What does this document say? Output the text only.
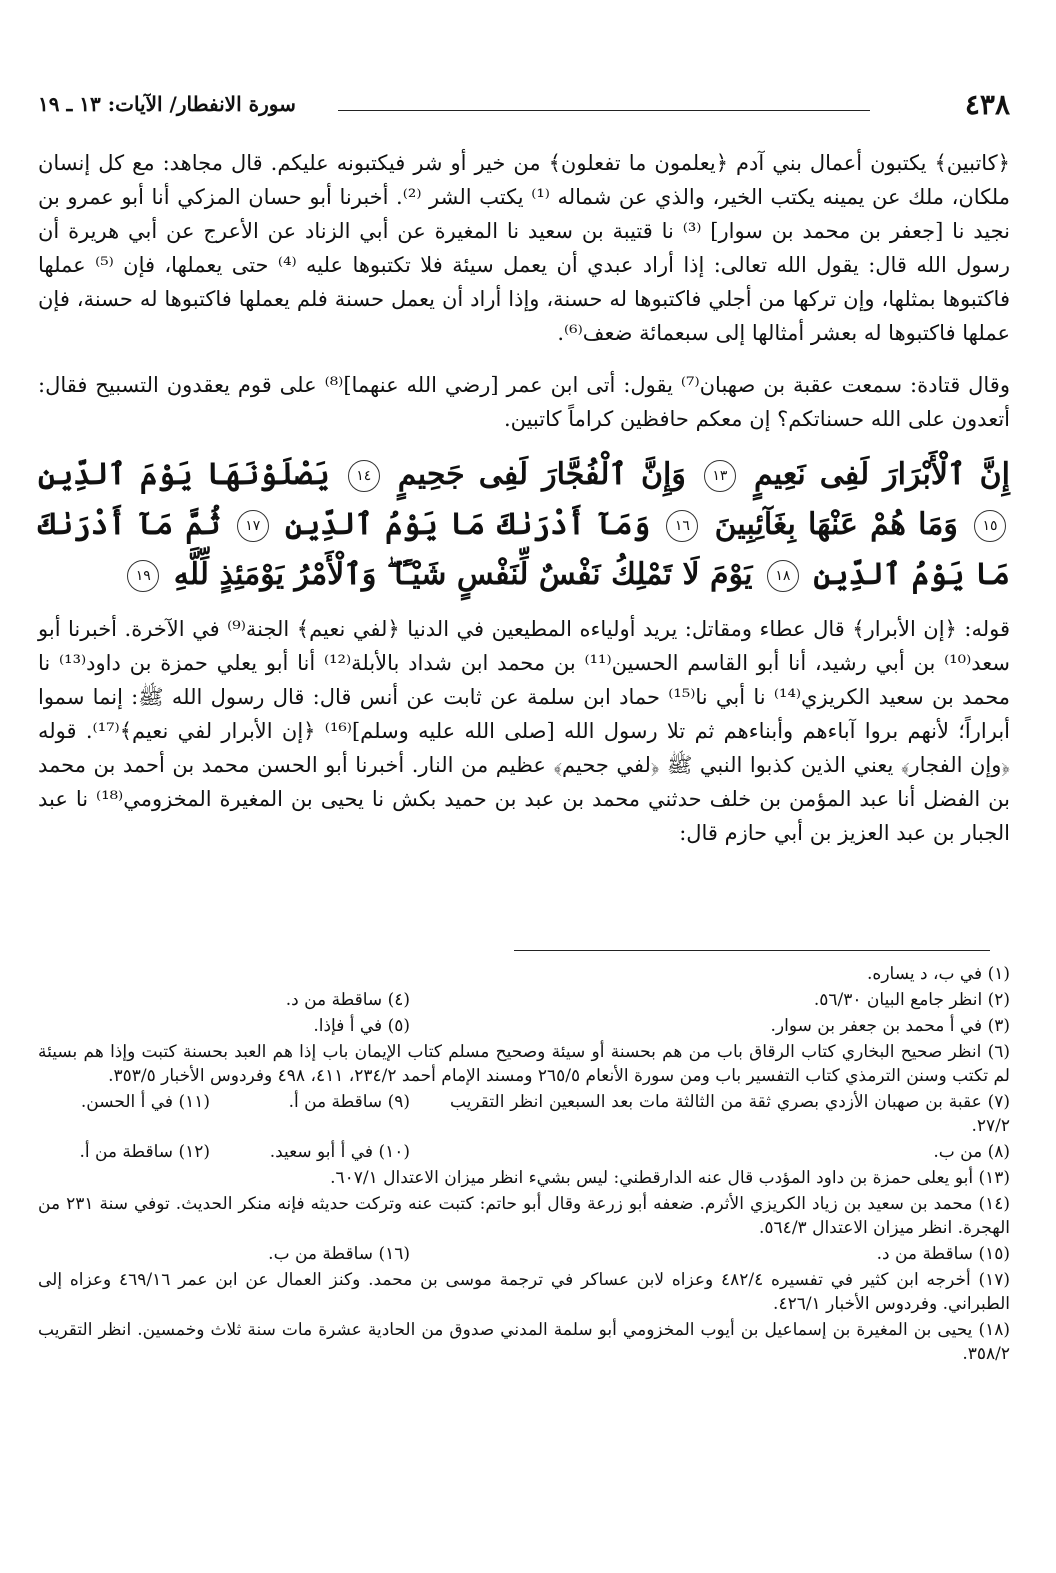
٤٣٨
سورة الانفطار/ الآيات: ١٣ ـ ١٩

﴿كاتبين﴾ يكتبون أعمال بني آدم ﴿يعلمون ما تفعلون﴾ من خير أو شر فيكتبونه عليكم. قال مجاهد: مع كل إنسان ملكان، ملك عن يمينه يكتب الخير، والذي عن شماله ⁽¹⁾ يكتب الشر ⁽²⁾. أخبرنا أبو حسان المزكي أنا أبو عمرو بن نجيد نا [جعفر بن محمد بن سوار] ⁽³⁾ نا قتيبة بن سعيد نا المغيرة عن أبي الزناد عن الأعرج عن أبي هريرة أن رسول الله قال: يقول الله تعالى: إذا أراد عبدي أن يعمل سيئة فلا تكتبوها عليه ⁽⁴⁾ حتى يعملها، فإن ⁽⁵⁾ عملها فاكتبوها بمثلها، وإن تركها من أجلي فاكتبوها له حسنة، وإذا أراد أن يعمل حسنة فلم يعملها فاكتبوها له حسنة، فإن عملها فاكتبوها له بعشر أمثالها إلى سبعمائة ضعف⁽⁶⁾.

وقال قتادة: سمعت عقبة بن صهبان⁽⁷⁾ يقول: أتى ابن عمر [رضي الله عنهما]⁽⁸⁾ على قوم يعقدون التسبيح فقال: أتعدون على الله حسناتكم؟ إن معكم حافظين كراماً كاتبين.

إِنَّ ٱلْأَبْرَارَ لَفِى نَعِيمٍ ١٣ وَإِنَّ ٱلْفُجَّارَ لَفِى جَحِيمٍ ١٤ يَصْلَوْنَهَا يَوْمَ ٱلدِّينِ ١٥ وَمَا هُمْ عَنْهَا بِغَآئِبِينَ ١٦ وَمَآ أَدْرَىٰكَ مَا يَوْمُ ٱلدِّينِ ١٧ ثُمَّ مَآ أَدْرَىٰكَ مَا يَوْمُ ٱلدِّينِ ١٨ يَوْمَ لَا تَمْلِكُ نَفْسٌ لِّنَفْسٍ شَيْـًٔا ۖ وَٱلْأَمْرُ يَوْمَئِذٍ لِّلَّهِ ١٩

قوله: ﴿إن الأبرار﴾ قال عطاء ومقاتل: يريد أولياءه المطيعين في الدنيا ﴿لفي نعيم﴾ الجنة⁽⁹⁾ في الآخرة. أخبرنا أبو سعد⁽¹⁰⁾ بن أبي رشيد، أنا أبو القاسم الحسين⁽¹¹⁾ بن محمد ابن شداد بالأبلة⁽¹²⁾ أنا أبو يعلي حمزة بن داود⁽¹³⁾ نا محمد بن سعيد الكريزي⁽¹⁴⁾ نا أبي نا⁽¹⁵⁾ حماد ابن سلمة عن ثابت عن أنس قال: قال رسول الله ﷺ: إنما سموا أبراراً؛ لأنهم بروا آباءهم وأبناءهم ثم تلا رسول الله [صلى الله عليه وسلم]⁽¹⁶⁾ ﴿إن الأبرار لفي نعيم﴾⁽¹⁷⁾. قوله ﴿وإن الفجار﴾ يعني الذين كذبوا النبي ﷺ ﴿لفي جحيم﴾ عظيم من النار. أخبرنا أبو الحسن محمد بن أحمد بن محمد بن الفضل أنا عبد المؤمن بن خلف حدثني محمد بن عبد بن حميد بكش نا يحيى بن المغيرة المخزومي⁽¹⁸⁾ نا عبد الجبار بن عبد العزيز بن أبي حازم قال:

(١) في ب، د يساره.

(٢) انظر جامع البيان ٥٦/٣٠.

(٤) ساقطة من د.

(٣) في أ محمد بن جعفر بن سوار.

(٥) في أ فإذا.

(٦) انظر صحيح البخاري كتاب الرقاق باب من هم بحسنة أو سيئة وصحيح مسلم كتاب الإيمان باب إذا هم العبد بحسنة كتبت وإذا هم بسيئة لم تكتب وسنن الترمذي كتاب التفسير باب ومن سورة الأنعام ٢٦٥/٥ ومسند الإمام أحمد ٢٣٤/٢، ٤١١، ٤٩٨ وفردوس الأخبار ٣٥٣/٥.

(٧) عقبة بن صهبان الأزدي بصري ثقة من الثالثة مات بعد السبعين انظر التقريب ٢٧/٢.

(٩) ساقطة من أ.

(١١) في أ الحسن.

(٨) من ب.

(١٠) في أ أبو سعيد.

(١٢) ساقطة من أ.

(١٣) أبو يعلى حمزة بن داود المؤدب قال عنه الدارقطني: ليس بشيء انظر ميزان الاعتدال ٦٠٧/١.

(١٤) محمد بن سعيد بن زياد الكريزي الأثرم. ضعفه أبو زرعة وقال أبو حاتم: كتبت عنه وتركت حديثه فإنه منكر الحديث. توفي سنة ٢٣١ من الهجرة. انظر ميزان الاعتدال ٥٦٤/٣.

(١٥) ساقطة من د.

(١٦) ساقطة من ب.

(١٧) أخرجه ابن كثير في تفسيره ٤٨٢/٤ وعزاه لابن عساكر في ترجمة موسى بن محمد. وكنز العمال عن ابن عمر ٤٦٩/١٦ وعزاه إلى الطبراني. وفردوس الأخبار ٤٢٦/١.

(١٨) يحيى بن المغيرة بن إسماعيل بن أيوب المخزومي أبو سلمة المدني صدوق من الحادية عشرة مات سنة ثلاث وخمسين. انظر التقريب ٣٥٨/٢.
